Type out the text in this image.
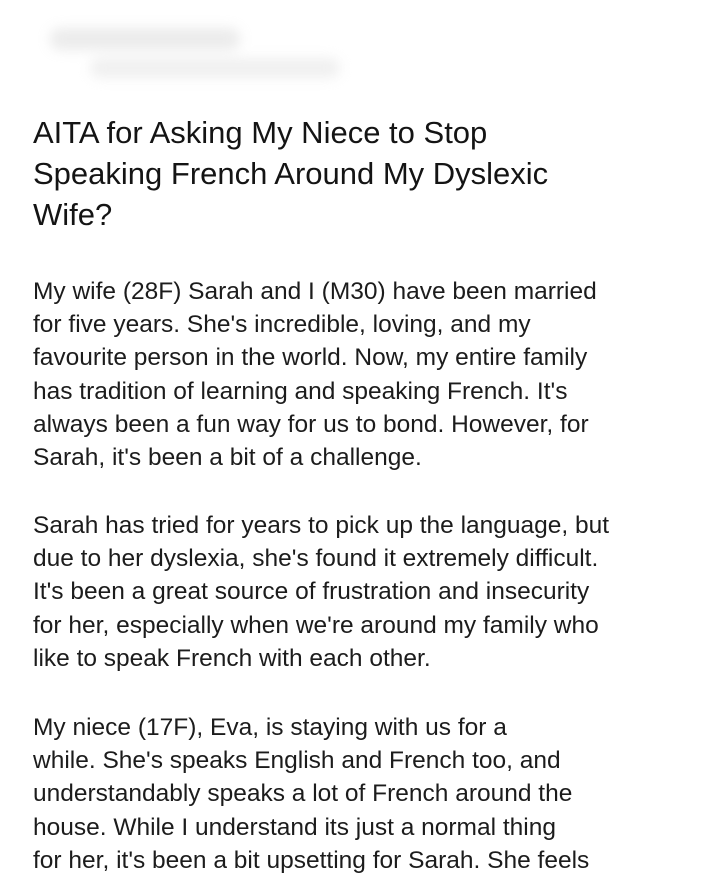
AITA for Asking My Niece to Stop
Speaking French Around My Dyslexic
Wife?

My wife (28F) Sarah and I (M30) have been married
for five years. She's incredible, loving, and my
favourite person in the world. Now, my entire family
has tradition of learning and speaking French. It's
always been a fun way for us to bond. However, for
Sarah, it's been a bit of a challenge.

Sarah has tried for years to pick up the language, but
due to her dyslexia, she's found it extremely difficult.
It's been a great source of frustration and insecurity
for her, especially when we're around my family who
like to speak French with each other.

My niece (17F), Eva, is staying with us for a
while. She's speaks English and French too, and
understandably speaks a lot of French around the
house. While I understand its just a normal thing
for her, it's been a bit upsetting for Sarah. She feels
